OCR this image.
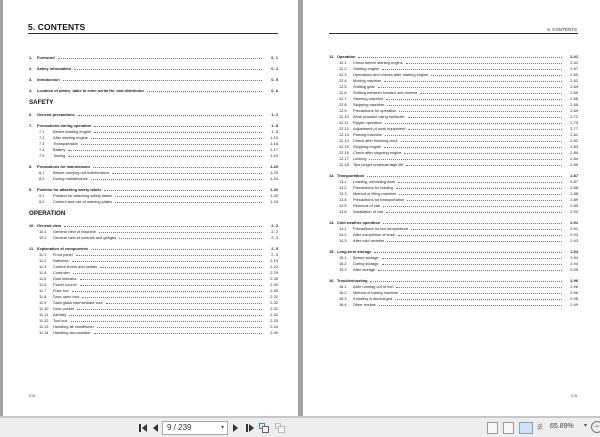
5. CONTENTS
1.	Foreword	0- 1
2.	Safety information	0- 4
3.	Introduction	0- 5
4.	Location of plates, table to enter serial No. and distributor	0- 6
SAFETY
6.	General precautions	1- 2
7.	Precautions during operation	1- 8
7.1	Before starting engine	1- 8
7.2	After starting engine	1-10
7.3	Transportation	1-16
7.4	Battery	1-17
7.5	Towing	1-19
8.	Precautions for maintenance	1-20
8.1	Before carrying out maintenance	1-20
8.2	During maintenance	1-24
9.	Position for attaching safety labels	1-30
9.1	Position for attaching safety labels	1-30
9.2	Content and use of warning plates	1-34
OPERATION
10. General view	2- 2
10.1	General view of machine	2- 2
10.2	General view of controls and gauges	2- 3
11. Explanation of components	2- 5
11.1	Front panel	2- 5
11.2	Switches	2-19
11.3	Control levers and pedals	2-22
11.4	Controller	2-29
11.5	Dust indicator	2-30
11.6	Power source	2-30
11.7	Fuse box	2-30
11.8	Door-open lock	2-32
11.9	Sash glass intermediate lock	2-32
11.10	Door pocket	2-32
11.11	Ashtray	2-32
11.12	Tool box	2-33
11.13	Handling air conditioner	2-34
11.14	Handling accumulator	2-40
0-8
5. CONTENTS
12. Operation	2-41
12.1	Check before starting engine	2-41
12.2	Starting engine	2-57
12.3	Operations and checks after starting engine	2-60
12.4	Moving machine	2-62
12.5	Shifting gear	2-64
12.6	Shifting between forward and reverse	2-65
12.7	Steering machine	2-66
12.8	Stopping machine	2-68
12.9	Precautions for operation	2-69
12.10	Work possible using bulldozer	2-72
12.11	Ripper operation	2-74
12.12	Adjustment of work equipment	2-77
12.13	Parking machine	2-81
12.14	Check after finishing work	2-82
12.15	Stopping engine	2-83
12.16	Check after stopping engine	2-84
12.17	Locking	2-84
12.18	Tips longer undercarriage life	2-85
13. Transportation	2-87
13.1	Loading, unloading work	2-87
13.2	Precautions for loading	2-88
13.3	Method of lifting machine	2-88
13.4	Precautions for transportation	2-89
13.5	Removal of cab	2-89
13.6	Installation of cab	2-90
14. Cold weather operation	2-91
14.1	Precautions for low temperature	2-91
14.2	After completion of work	2-93
14.3	After cold weather	2-93
15. Long-term storage	2-94
15.1	Before storage	2-94
15.2	During storage	2-94
15.3	After storage	2-95
16. Troubleshooting	2-96
16.1	After running out of fuel	2-96
16.2	Method of towing machine	2-96
16.3	If battery is discharged	2-96
16.4	Other trouble	2-99
0-9
9 / 239	▾	≢ 65.89% ▾ −
